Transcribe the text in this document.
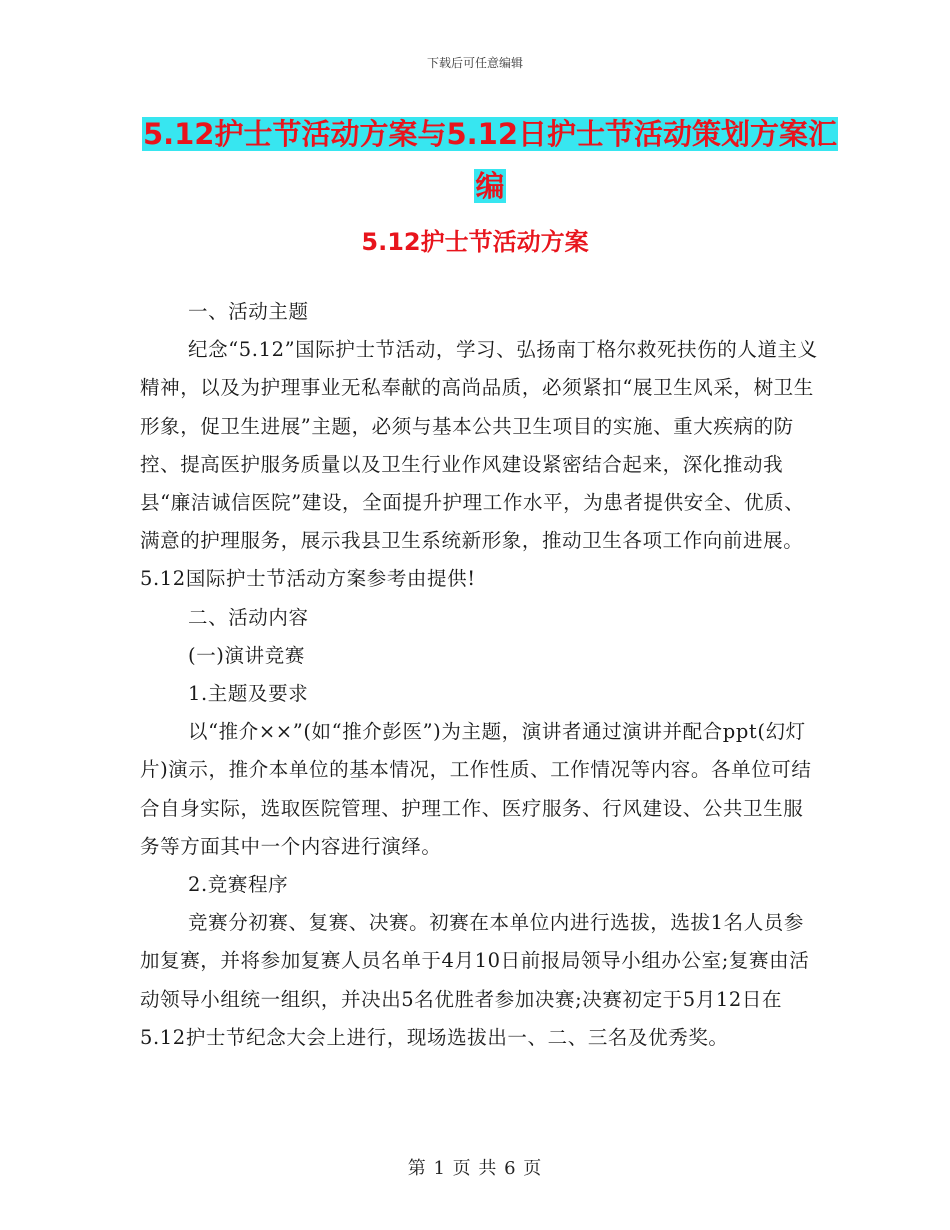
下载后可任意编辑
5.12护士节活动方案与5.12日护士节活动策划方案汇
编
5.12护士节活动方案

一、活动主题

纪念“5.12”国际护士节活动，学习、弘扬南丁格尔救死扶伤的人道主义精神，以及为护理事业无私奉献的高尚品质，必须紧扣“展卫生风采，树卫生形象，促卫生进展”主题，必须与基本公共卫生项目的实施、重大疾病的防控、提高医护服务质量以及卫生行业作风建设紧密结合起来，深化推动我县“廉洁诚信医院”建设，全面提升护理工作水平，为患者提供安全、优质、满意的护理服务，展示我县卫生系统新形象，推动卫生各项工作向前进展。5.12国际护士节活动方案参考由提供!

二、活动内容

(一)演讲竞赛

1.主题及要求

以“推介××”(如“推介彭医”)为主题，演讲者通过演讲并配合ppt(幻灯片)演示，推介本单位的基本情况，工作性质、工作情况等内容。各单位可结合自身实际，选取医院管理、护理工作、医疗服务、行风建设、公共卫生服务等方面其中一个内容进行演绎。

2.竞赛程序

竞赛分初赛、复赛、决赛。初赛在本单位内进行选拔，选拔1名人员参加复赛，并将参加复赛人员名单于4月10日前报局领导小组办公室;复赛由活动领导小组统一组织，并决出5名优胜者参加决赛;决赛初定于5月12日在5.12护士节纪念大会上进行，现场选拔出一、二、三名及优秀奖。

第 1 页 共 6 页
